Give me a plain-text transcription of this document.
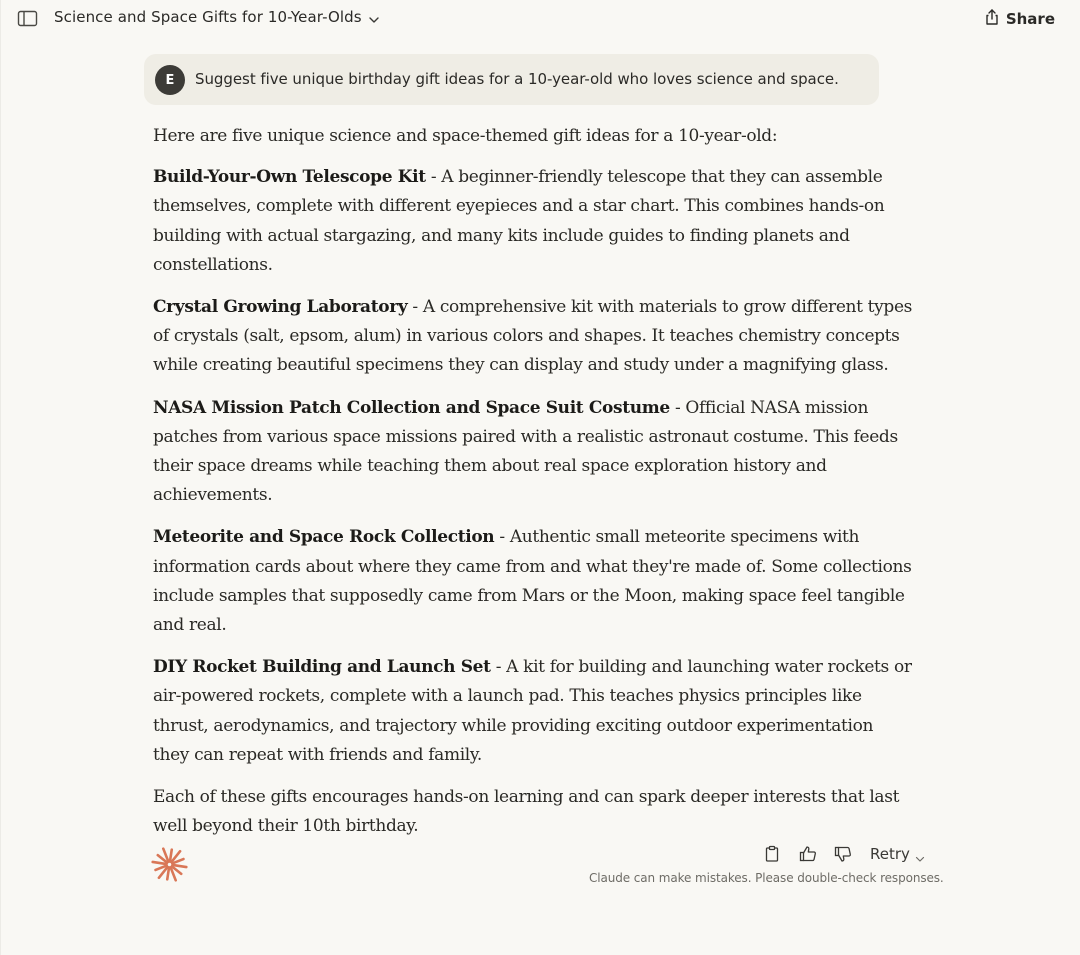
Science and Space Gifts for 10-Year-Olds	Share
E	Suggest five unique birthday gift ideas for a 10-year-old who loves science and space.

Here are five unique science and space-themed gift ideas for a 10-year-old:

Build-Your-Own Telescope Kit - A beginner-friendly telescope that they can assemble themselves, complete with different eyepieces and a star chart. This combines hands-on building with actual stargazing, and many kits include guides to finding planets and constellations.

Crystal Growing Laboratory - A comprehensive kit with materials to grow different types of crystals (salt, epsom, alum) in various colors and shapes. It teaches chemistry concepts while creating beautiful specimens they can display and study under a magnifying glass.

NASA Mission Patch Collection and Space Suit Costume - Official NASA mission patches from various space missions paired with a realistic astronaut costume. This feeds their space dreams while teaching them about real space exploration history and achievements.

Meteorite and Space Rock Collection - Authentic small meteorite specimens with information cards about where they came from and what they're made of. Some collections include samples that supposedly came from Mars or the Moon, making space feel tangible and real.

DIY Rocket Building and Launch Set - A kit for building and launching water rockets or air-powered rockets, complete with a launch pad. This teaches physics principles like thrust, aerodynamics, and trajectory while providing exciting outdoor experimentation they can repeat with friends and family.

Each of these gifts encourages hands-on learning and can spark deeper interests that last well beyond their 10th birthday.

Retry
Claude can make mistakes. Please double-check responses.
